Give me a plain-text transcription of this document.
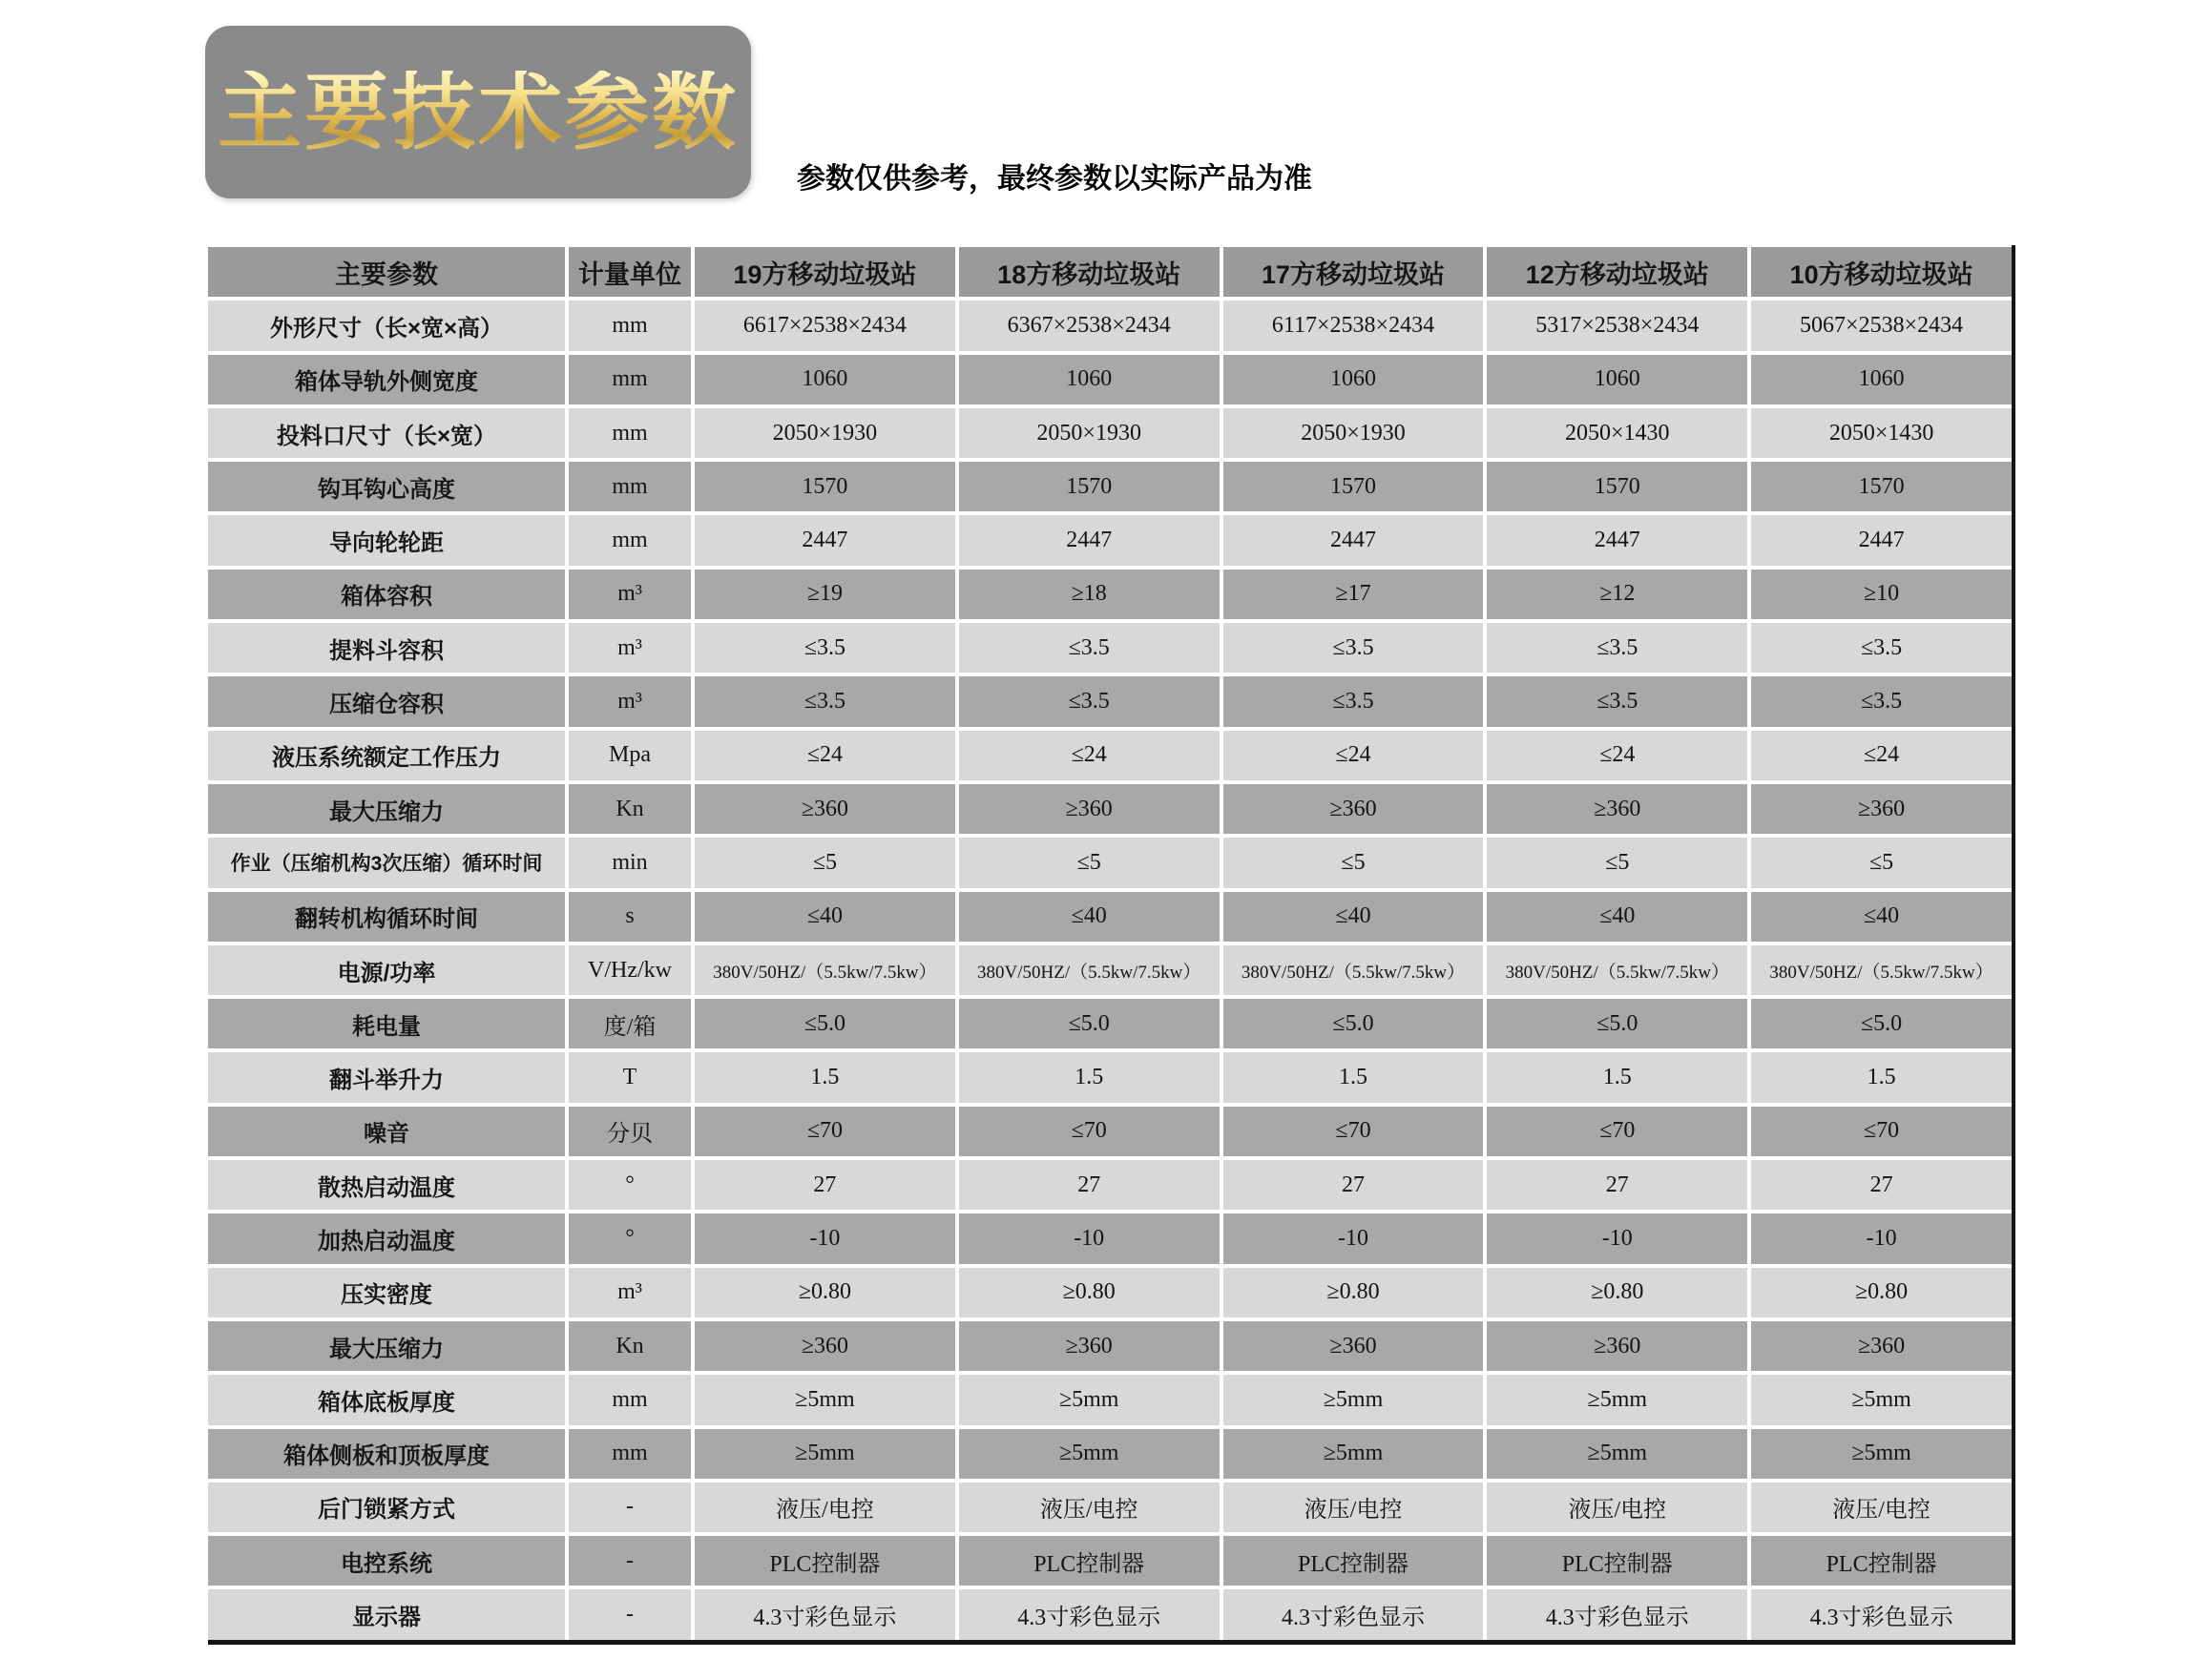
主要技术参数
参数仅供参考，最终参数以实际产品为准
主要参数	计量单位	19方移动垃圾站	18方移动垃圾站	17方移动垃圾站	12方移动垃圾站	10方移动垃圾站
外形尺寸（长×宽×高）	mm	6617×2538×2434	6367×2538×2434	6117×2538×2434	5317×2538×2434	5067×2538×2434
箱体导轨外侧宽度	mm	1060	1060	1060	1060	1060
投料口尺寸（长×宽）	mm	2050×1930	2050×1930	2050×1930	2050×1430	2050×1430
钩耳钩心高度	mm	1570	1570	1570	1570	1570
导向轮轮距	mm	2447	2447	2447	2447	2447
箱体容积	m³	≥19	≥18	≥17	≥12	≥10
提料斗容积	m³	≤3.5	≤3.5	≤3.5	≤3.5	≤3.5
压缩仓容积	m³	≤3.5	≤3.5	≤3.5	≤3.5	≤3.5
液压系统额定工作压力	Mpa	≤24	≤24	≤24	≤24	≤24
最大压缩力	Kn	≥360	≥360	≥360	≥360	≥360
作业（压缩机构3次压缩）循环时间	min	≤5	≤5	≤5	≤5	≤5
翻转机构循环时间	s	≤40	≤40	≤40	≤40	≤40
电源/功率	V/Hz/kw	380V/50HZ/（5.5kw/7.5kw）	380V/50HZ/（5.5kw/7.5kw）	380V/50HZ/（5.5kw/7.5kw）	380V/50HZ/（5.5kw/7.5kw）	380V/50HZ/（5.5kw/7.5kw）
耗电量	度/箱	≤5.0	≤5.0	≤5.0	≤5.0	≤5.0
翻斗举升力	T	1.5	1.5	1.5	1.5	1.5
噪音	分贝	≤70	≤70	≤70	≤70	≤70
散热启动温度	°	27	27	27	27	27
加热启动温度	°	-10	-10	-10	-10	-10
压实密度	m³	≥0.80	≥0.80	≥0.80	≥0.80	≥0.80
最大压缩力	Kn	≥360	≥360	≥360	≥360	≥360
箱体底板厚度	mm	≥5mm	≥5mm	≥5mm	≥5mm	≥5mm
箱体侧板和顶板厚度	mm	≥5mm	≥5mm	≥5mm	≥5mm	≥5mm
后门锁紧方式	-	液压/电控	液压/电控	液压/电控	液压/电控	液压/电控
电控系统	-	PLC控制器	PLC控制器	PLC控制器	PLC控制器	PLC控制器
显示器	-	4.3寸彩色显示	4.3寸彩色显示	4.3寸彩色显示	4.3寸彩色显示	4.3寸彩色显示
